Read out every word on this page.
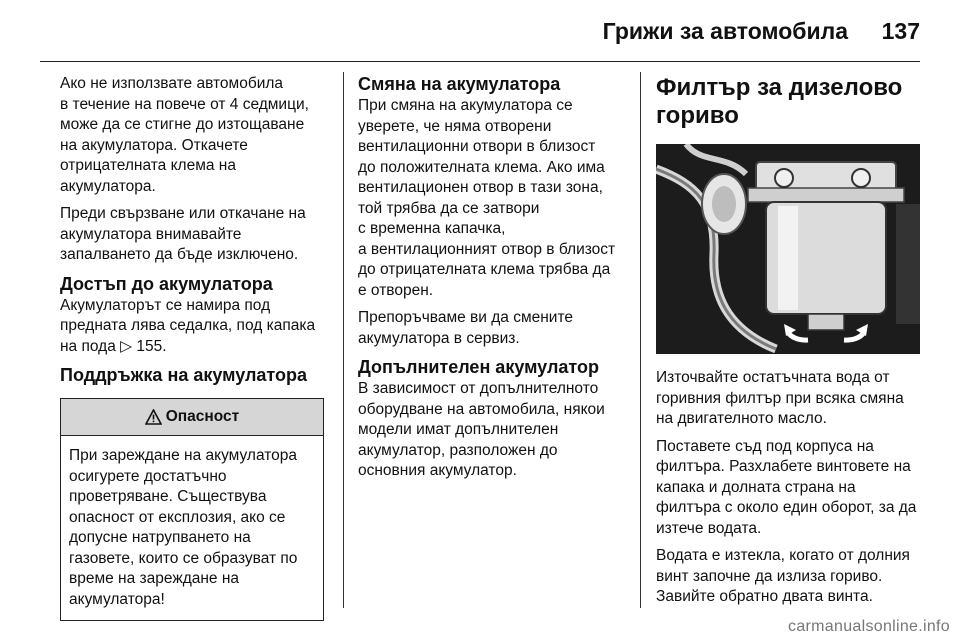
Грижи за автомобила 137

Ако не използвате автомобила
в течение на повече от 4 седмици,
може да се стигне до изтощаване
на акумулатора. Откачете
отрицателната клема на
акумулатора.

Преди свързване или откачане на
акумулатора внимавайте
запалването да бъде изключено.

Достъп до акумулатора

Акумулаторът се намира под
предната лява седалка, под капака
на пода ▷ 155.

Поддръжка на акумулатора
Опасност
При зареждане на акумулатора
осигурете достатъчно
проветряване. Съществува
опасност от експлозия, ако се
допусне натрупването на
газовете, които се образуват по
време на зареждане на
акумулатора!
Смяна на акумулатора

При смяна на акумулатора се
уверете, че няма отворени
вентилационни отвори в близост
до положителната клема. Ако има
вентилационен отвор в тази зона,
той трябва да се затвори
с временна капачка,
а вентилационният отвор в близост
до отрицателната клема трябва да
е отворен.

Препоръчваме ви да смените
акумулатора в сервиз.

Допълнителен акумулатор

В зависимост от допълнителното
оборудване на автомобила, някои
модели имат допълнителен
акумулатор, разположен до
основния акумулатор.

Филтър за дизелово
гориво

Източвайте остатъчната вода от
горивния филтър при всяка смяна
на двигателното масло.

Поставете съд под корпуса на
филтъра. Разхлабете винтовете на
капака и долната страна на
филтъра с около един оборот, за да
изтече водата.

Водата е изтекла, когато от долния
винт започне да излиза гориво.
Завийте обратно двата винта.

carmanualsonline.info
